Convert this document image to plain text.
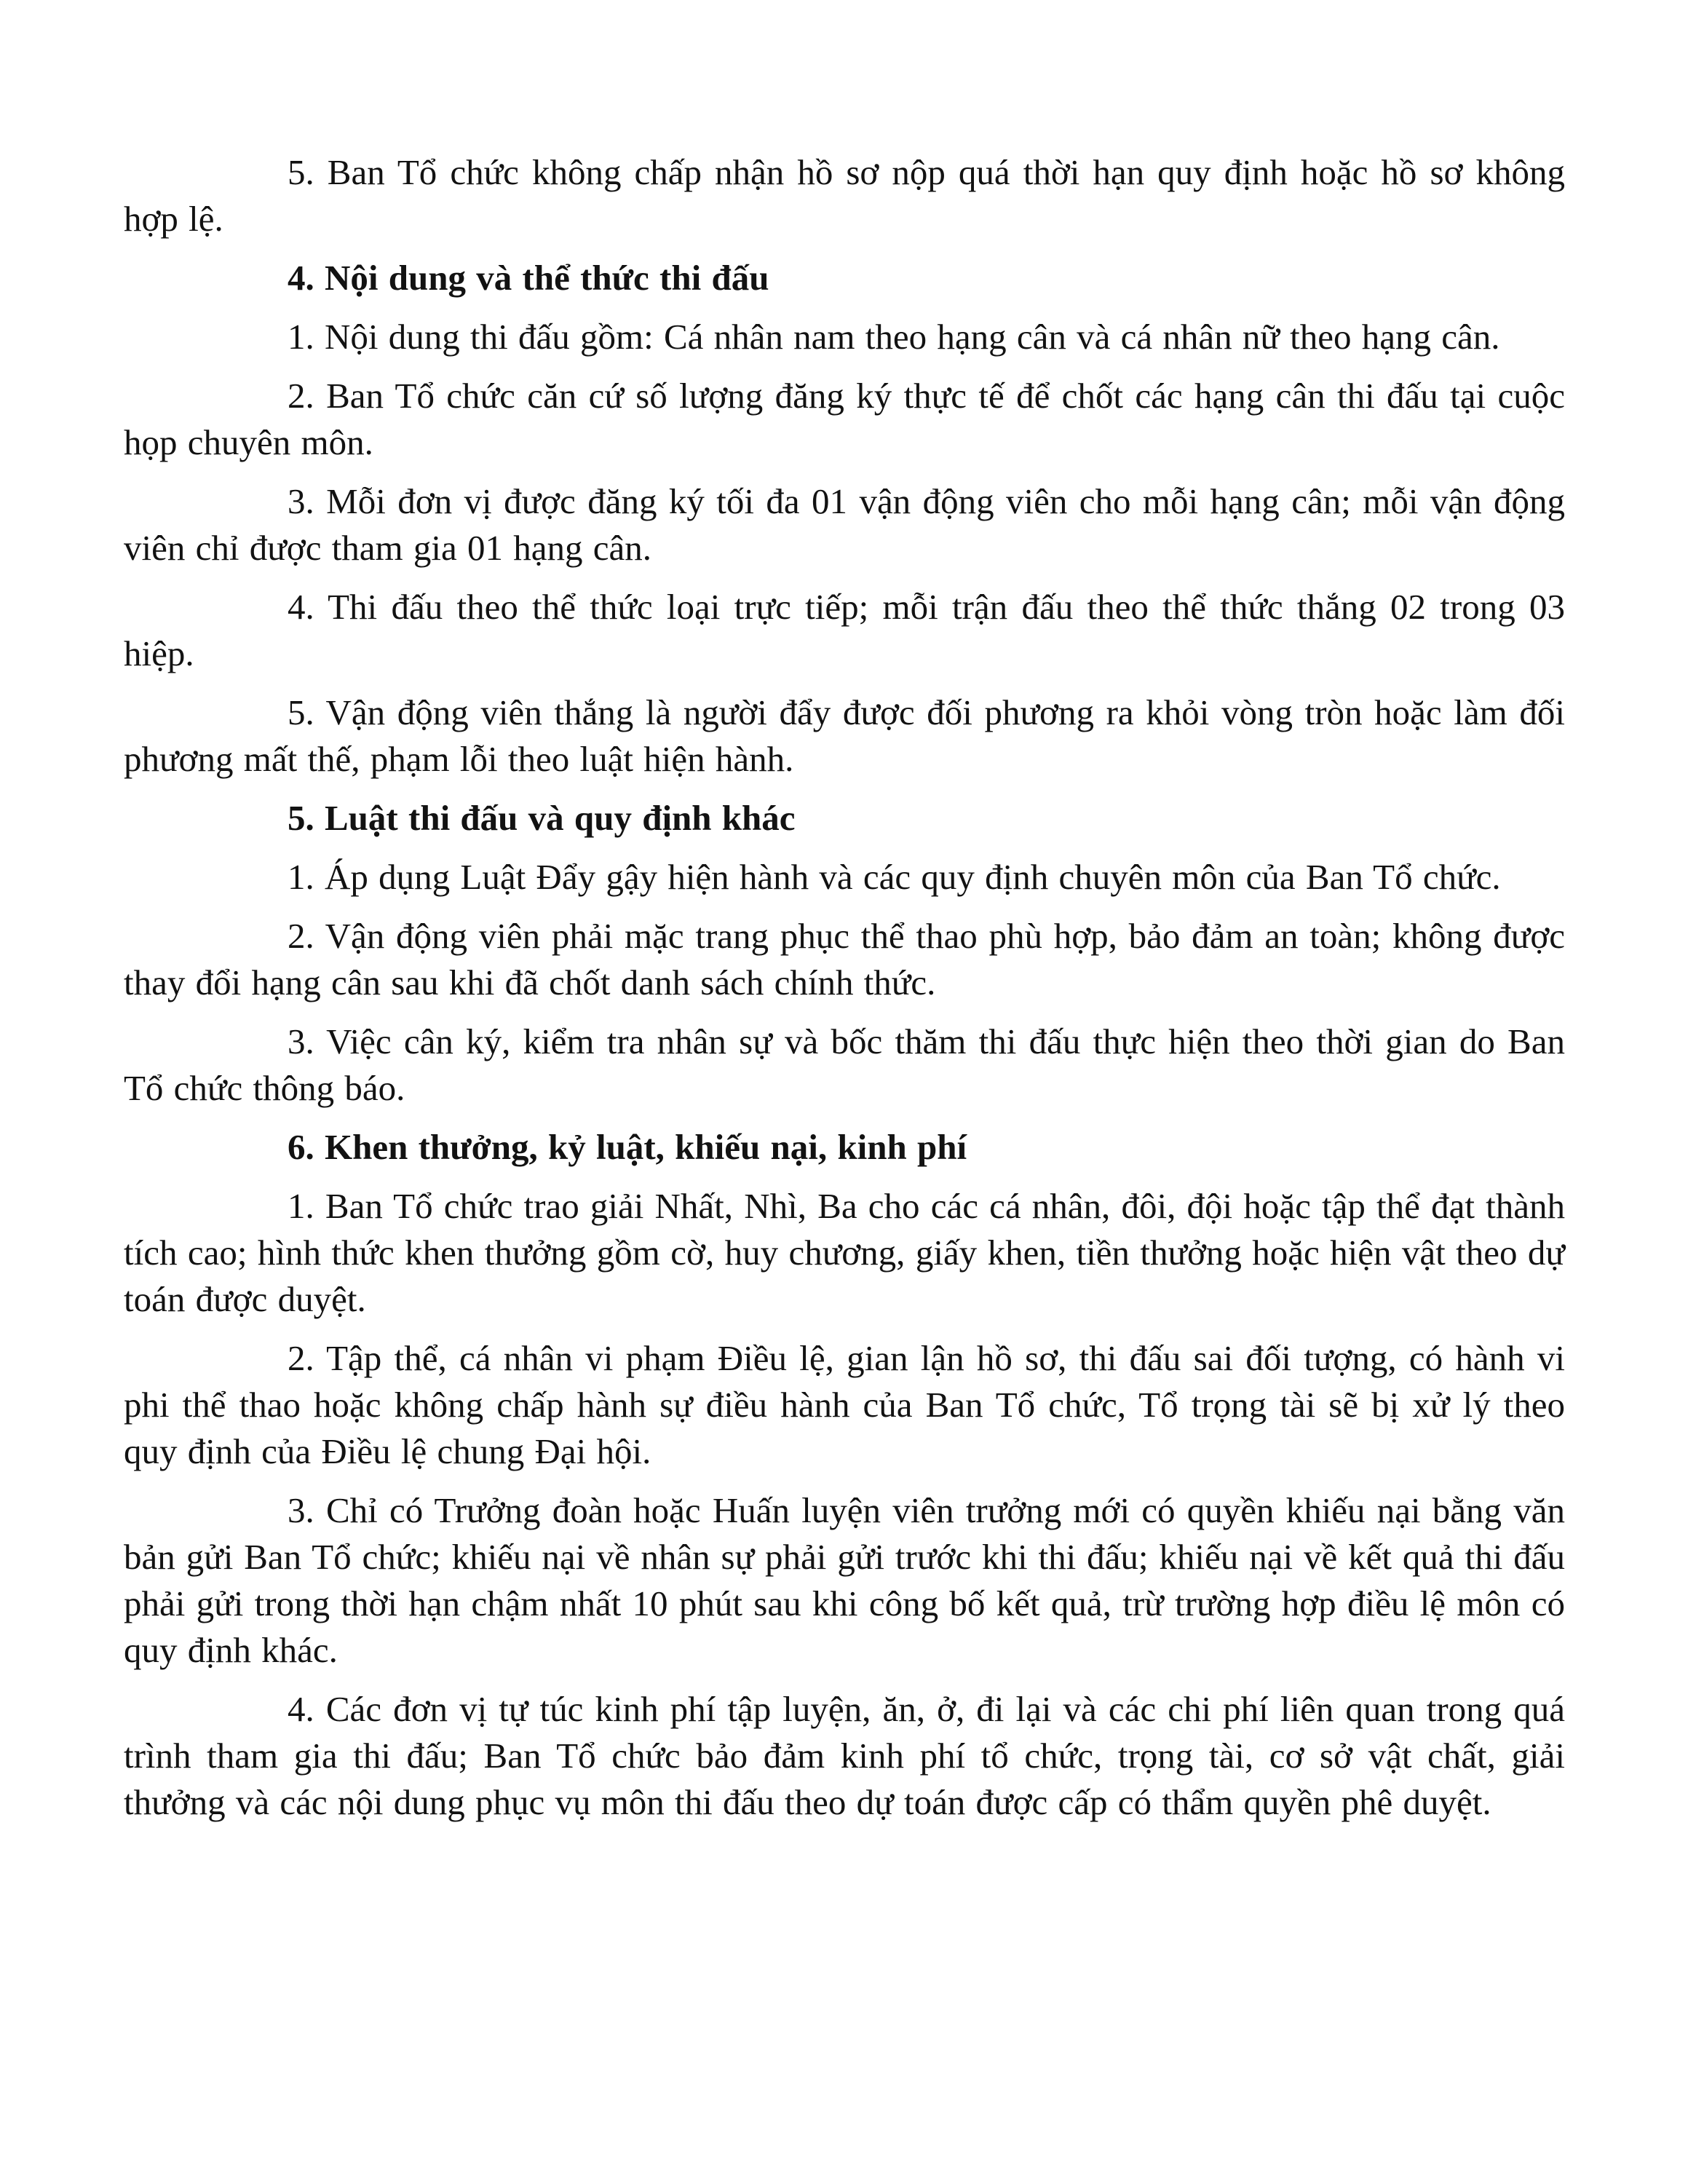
5. Ban Tổ chức không chấp nhận hồ sơ nộp quá thời hạn quy định hoặc hồ sơ không hợp lệ.

4. Nội dung và thể thức thi đấu

1. Nội dung thi đấu gồm: Cá nhân nam theo hạng cân và cá nhân nữ theo hạng cân.

2. Ban Tổ chức căn cứ số lượng đăng ký thực tế để chốt các hạng cân thi đấu tại cuộc họp chuyên môn.

3. Mỗi đơn vị được đăng ký tối đa 01 vận động viên cho mỗi hạng cân; mỗi vận động viên chỉ được tham gia 01 hạng cân.

4. Thi đấu theo thể thức loại trực tiếp; mỗi trận đấu theo thể thức thắng 02 trong 03 hiệp.

5. Vận động viên thắng là người đẩy được đối phương ra khỏi vòng tròn hoặc làm đối phương mất thế, phạm lỗi theo luật hiện hành.

5. Luật thi đấu và quy định khác

1. Áp dụng Luật Đẩy gậy hiện hành và các quy định chuyên môn của Ban Tổ chức.

2. Vận động viên phải mặc trang phục thể thao phù hợp, bảo đảm an toàn; không được thay đổi hạng cân sau khi đã chốt danh sách chính thức.

3. Việc cân ký, kiểm tra nhân sự và bốc thăm thi đấu thực hiện theo thời gian do Ban Tổ chức thông báo.

6. Khen thưởng, kỷ luật, khiếu nại, kinh phí

1. Ban Tổ chức trao giải Nhất, Nhì, Ba cho các cá nhân, đôi, đội hoặc tập thể đạt thành tích cao; hình thức khen thưởng gồm cờ, huy chương, giấy khen, tiền thưởng hoặc hiện vật theo dự toán được duyệt.

2. Tập thể, cá nhân vi phạm Điều lệ, gian lận hồ sơ, thi đấu sai đối tượng, có hành vi phi thể thao hoặc không chấp hành sự điều hành của Ban Tổ chức, Tổ trọng tài sẽ bị xử lý theo quy định của Điều lệ chung Đại hội.

3. Chỉ có Trưởng đoàn hoặc Huấn luyện viên trưởng mới có quyền khiếu nại bằng văn bản gửi Ban Tổ chức; khiếu nại về nhân sự phải gửi trước khi thi đấu; khiếu nại về kết quả thi đấu phải gửi trong thời hạn chậm nhất 10 phút sau khi công bố kết quả, trừ trường hợp điều lệ môn có quy định khác.

4. Các đơn vị tự túc kinh phí tập luyện, ăn, ở, đi lại và các chi phí liên quan trong quá trình tham gia thi đấu; Ban Tổ chức bảo đảm kinh phí tổ chức, trọng tài, cơ sở vật chất, giải thưởng và các nội dung phục vụ môn thi đấu theo dự toán được cấp có thẩm quyền phê duyệt.
